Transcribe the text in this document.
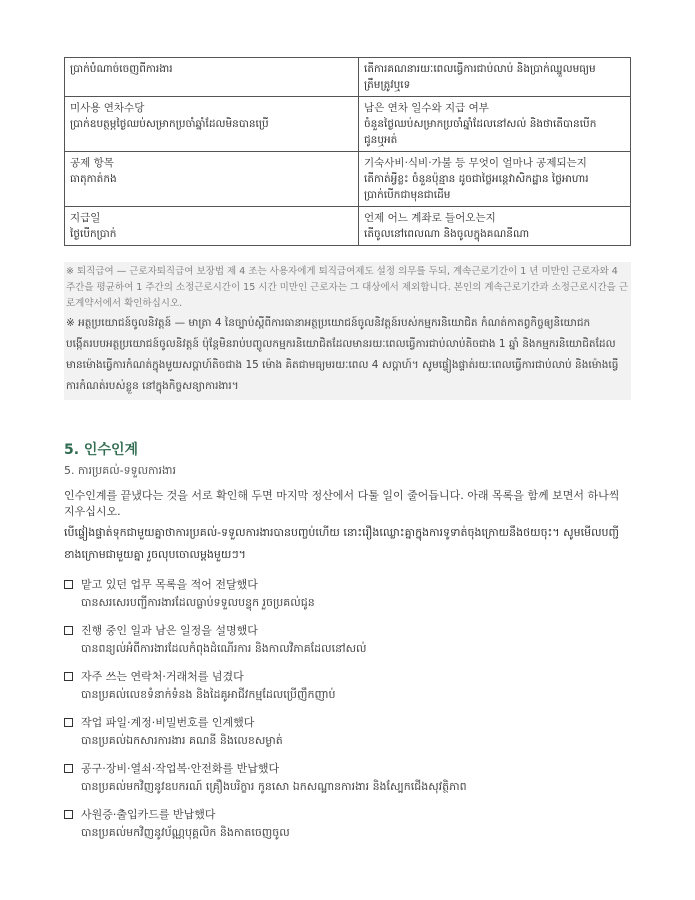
ប្រាក់បំណាច់ចេញពីការងារ	តើការគណនារយៈពេលធ្វើការជាប់លាប់ និងប្រាក់ឈ្នួលមធ្យម
ត្រឹមត្រូវឬទេ

미사용 연차수당
ប្រាក់ឧបត្ថម្ភថ្ងៃឈប់សម្រាកប្រចាំឆ្នាំដែលមិនបានប្រើ	남은 연차 일수와 지급 여부
ចំនួនថ្ងៃឈប់សម្រាកប្រចាំឆ្នាំដែលនៅសល់ និងថាតើបានបើក
ជូនឬអត់

공제 항목
ធាតុកាត់កង	기숙사비·식비·가불 등 무엇이 얼마나 공제되는지
តើកាត់អ្វីខ្លះ ចំនួនប៉ុន្មាន ដូចជាថ្លៃអន្តេវាសិកដ្ឋាន ថ្លៃអាហារ
ប្រាក់បើកជាមុនជាដើម

지급일
ថ្ងៃបើកប្រាក់	언제 어느 계좌로 들어오는지
តើចូលនៅពេលណា និងចូលក្នុងគណនីណា
※ 퇴직급여 — 근로자퇴직급여 보장법 제 4 조는 사용자에게 퇴직급여제도 설정 의무를 두되, 계속근로기간이 1 년 미만인 근로자와 4 주간을 평균하여 1 주간의 소정근로시간이 15 시간 미만인 근로자는 그 대상에서 제외합니다. 본인의 계속근로기간과 소정근로시간을 근로계약서에서 확인하십시오.
※ អត្ថប្រយោជន៍ចូលនិវត្តន៍ — មាត្រា 4 នៃច្បាប់ស្តីពីការធានាអត្ថប្រយោជន៍ចូលនិវត្តន៍របស់កម្មករនិយោជិត កំណត់កាតព្វកិច្ចឲ្យនិយោជកបង្កើតរបបអត្ថប្រយោជន៍ចូលនិវត្តន៍ ប៉ុន្តែមិនរាប់បញ្ចូលកម្មករនិយោជិតដែលមានរយៈពេលធ្វើការជាប់លាប់តិចជាង 1 ឆ្នាំ និងកម្មករនិយោជិតដែលមានម៉ោងធ្វើការកំណត់ក្នុងមួយសប្តាហ៍តិចជាង 15 ម៉ោង គិតជាមធ្យមរយៈពេល 4 សប្តាហ៍។ សូមផ្ទៀងផ្ទាត់រយៈពេលធ្វើការជាប់លាប់ និងម៉ោងធ្វើការកំណត់របស់ខ្លួន នៅក្នុងកិច្ចសន្យាការងារ។
5. 인수인계
5. ការប្រគល់-ទទួលការងារ
인수인계를 끝냈다는 것을 서로 확인해 두면 마지막 정산에서 다툴 일이 줄어듭니다. 아래 목록을 함께 보면서 하나씩 지우십시오.
បើផ្ទៀងផ្ទាត់ទុកជាមួយគ្នាថាការប្រគល់-ទទួលការងារបានបញ្ចប់ហើយ នោះរឿងឈ្លោះគ្នាក្នុងការទូទាត់ចុងក្រោយនឹងថយចុះ។ សូមមើលបញ្ជីខាងក្រោមជាមួយគ្នា រួចលុបចោលម្តងមួយៗ។
맡고 있던 업무 목록을 적어 전달했다
បានសរសេរបញ្ជីការងារដែលធ្លាប់ទទួលបន្ទុក រួចប្រគល់ជូន
진행 중인 일과 남은 일정을 설명했다
បានពន្យល់អំពីការងារដែលកំពុងដំណើរការ និងកាលវិភាគដែលនៅសល់
자주 쓰는 연락처·거래처를 넘겼다
បានប្រគល់លេខទំនាក់ទំនង និងដៃគូអាជីវកម្មដែលប្រើញឹកញាប់
작업 파일·계정·비밀번호를 인계했다
បានប្រគល់ឯកសារការងារ គណនី និងលេខសម្ងាត់
공구·장비·열쇠·작업복·안전화를 반납했다
បានប្រគល់មកវិញនូវឧបករណ៍ គ្រឿងបរិក្ខារ កូនសោ ឯកសណ្ឋានការងារ និងស្បែកជើងសុវត្ថិភាព
사원증·출입카드를 반납했다
បានប្រគល់មកវិញនូវប័ណ្ណបុគ្គលិក និងកាតចេញចូល
